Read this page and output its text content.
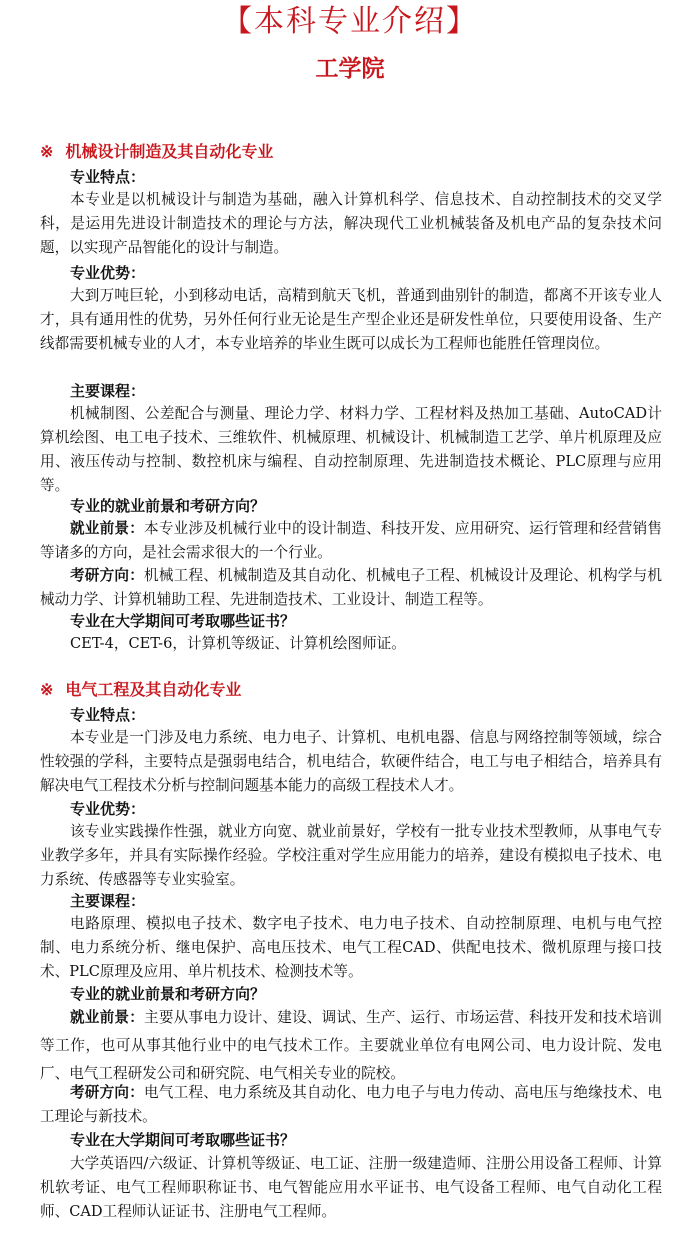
【本科专业介绍】
工学院
※ 机械设计制造及其自动化专业
专业特点：

本专业是以机械设计与制造为基础，融入计算机科学、信息技术、自动控制技术的交叉学科，是运用先进设计制造技术的理论与方法，解决现代工业机械装备及机电产品的复杂技术问题，以实现产品智能化的设计与制造。

专业优势：

大到万吨巨轮，小到移动电话，高精到航天飞机，普通到曲别针的制造，都离不开该专业人才，具有通用性的优势，另外任何行业无论是生产型企业还是研发性单位，只要使用设备、生产线都需要机械专业的人才，本专业培养的毕业生既可以成长为工程师也能胜任管理岗位。

主要课程：

机械制图、公差配合与测量、理论力学、材料力学、工程材料及热加工基础、AutoCAD计算机绘图、电工电子技术、三维软件、机械原理、机械设计、机械制造工艺学、单片机原理及应用、液压传动与控制、数控机床与编程、自动控制原理、先进制造技术概论、PLC原理与应用等。

专业的就业前景和考研方向？

就业前景：本专业涉及机械行业中的设计制造、科技开发、应用研究、运行管理和经营销售等诸多的方向，是社会需求很大的一个行业。

考研方向：机械工程、机械制造及其自动化、机械电子工程、机械设计及理论、机构学与机械动力学、计算机辅助工程、先进制造技术、工业设计、制造工程等。

专业在大学期间可考取哪些证书？

CET-4，CET-6，计算机等级证、计算机绘图师证。

※ 电气工程及其自动化专业
专业特点：

本专业是一门涉及电力系统、电力电子、计算机、电机电器、信息与网络控制等领域，综合性较强的学科，主要特点是强弱电结合，机电结合，软硬件结合，电工与电子相结合，培养具有解决电气工程技术分析与控制问题基本能力的高级工程技术人才。

专业优势：

该专业实践操作性强，就业方向宽、就业前景好，学校有一批专业技术型教师，从事电气专业教学多年，并具有实际操作经验。学校注重对学生应用能力的培养，建设有模拟电子技术、电力系统、传感器等专业实验室。

主要课程：

电路原理、模拟电子技术、数字电子技术、电力电子技术、自动控制原理、电机与电气控制、电力系统分析、继电保护、高电压技术、电气工程CAD、供配电技术、微机原理与接口技术、PLC原理及应用、单片机技术、检测技术等。

专业的就业前景和考研方向？

就业前景：主要从事电力设计、建设、调试、生产、运行、市场运营、科技开发和技术培训等工作，也可从事其他行业中的电气技术工作。主要就业单位有电网公司、电力设计院、发电厂、电气工程研发公司和研究院、电气相关专业的院校。

考研方向：电气工程、电力系统及其自动化、电力电子与电力传动、高电压与绝缘技术、电工理论与新技术。

专业在大学期间可考取哪些证书？

大学英语四/六级证、计算机等级证、电工证、注册一级建造师、注册公用设备工程师、计算机软考证、电气工程师职称证书、电气智能应用水平证书、电气设备工程师、电气自动化工程师、CAD工程师认证证书、注册电气工程师。
